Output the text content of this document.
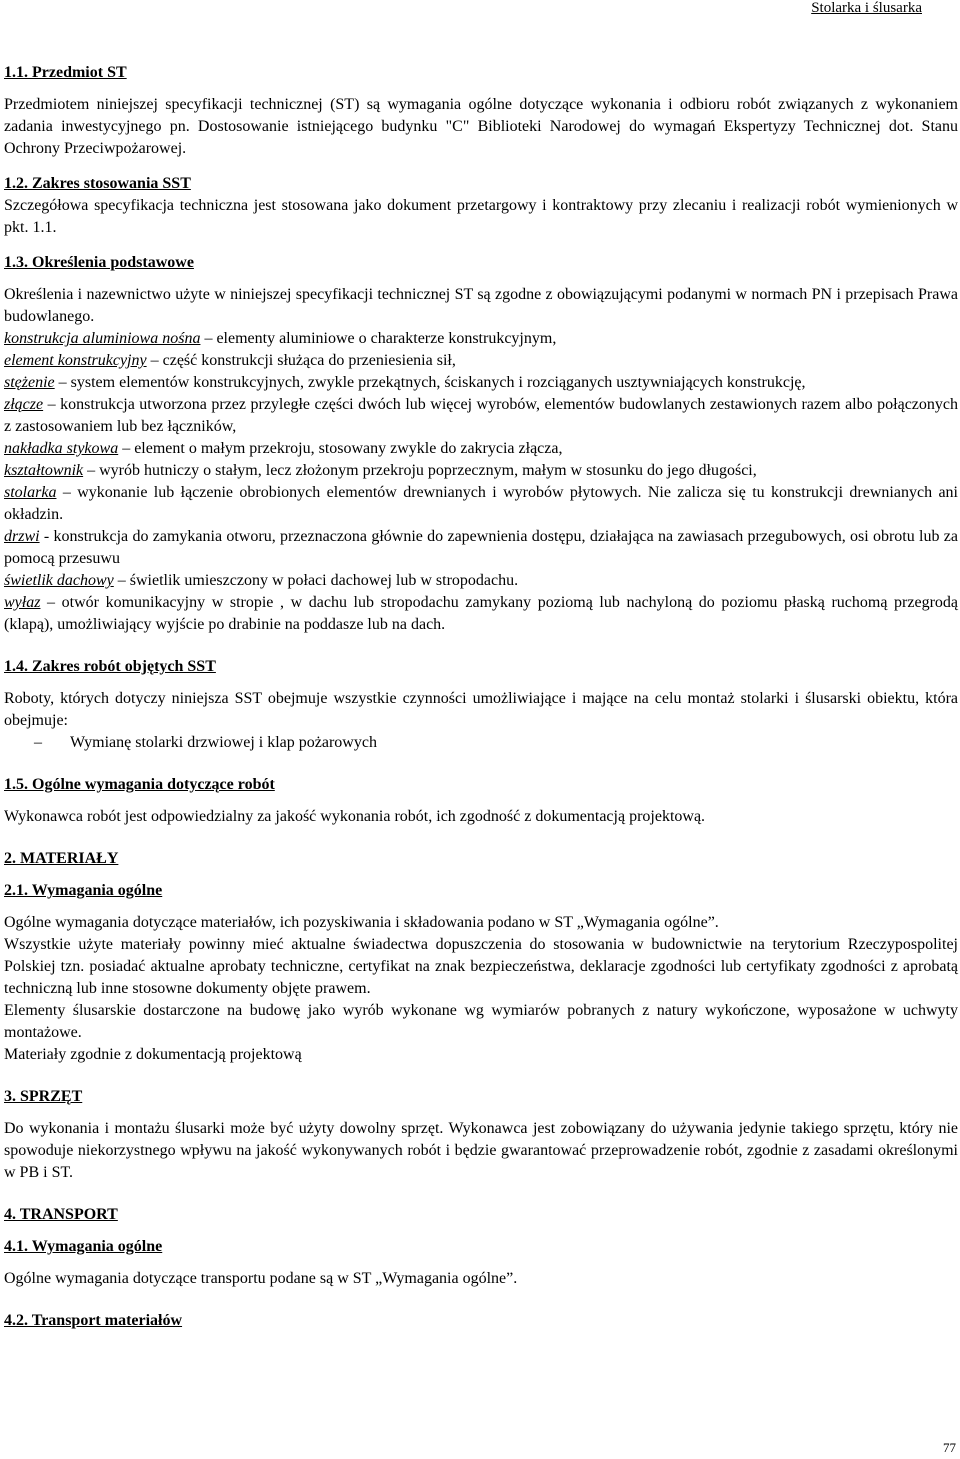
Stolarka i ślusarka

1.1. Przedmiot ST

Przedmiotem niniejszej specyfikacji technicznej (ST) są wymagania ogólne dotyczące wykonania i odbioru robót związanych z wykonaniem zadania inwestycyjnego pn. Dostosowanie istniejącego budynku "C" Biblioteki Narodowej do wymagań Ekspertyzy Technicznej dot. Stanu Ochrony Przeciwpożarowej.

1.2. Zakres stosowania SST

Szczegółowa specyfikacja techniczna jest stosowana jako dokument przetargowy i kontraktowy przy zlecaniu i realizacji robót wymienionych w pkt. 1.1.

1.3. Określenia podstawowe

Określenia i nazewnictwo użyte w niniejszej specyfikacji technicznej ST są zgodne z obowiązującymi podanymi w normach PN i przepisach Prawa budowlanego.

konstrukcja aluminiowa nośna – elementy aluminiowe o charakterze konstrukcyjnym,

element konstrukcyjny – część konstrukcji służąca do przeniesienia sił,

stężenie – system elementów konstrukcyjnych, zwykle przekątnych, ściskanych i rozciąganych usztywniających konstrukcję,

złącze – konstrukcja utworzona przez przyległe części dwóch lub więcej wyrobów, elementów budowlanych zestawionych razem albo połączonych z zastosowaniem lub bez łączników,

nakładka stykowa – element o małym przekroju, stosowany zwykle do zakrycia złącza,

kształtownik – wyrób hutniczy o stałym, lecz złożonym przekroju poprzecznym, małym w stosunku do jego długości,

stolarka – wykonanie lub łączenie obrobionych elementów drewnianych i wyrobów płytowych. Nie zalicza się tu konstrukcji drewnianych ani okładzin.

drzwi - konstrukcja do zamykania otworu, przeznaczona głównie do zapewnienia dostępu, działająca na zawiasach przegubowych, osi obrotu lub za pomocą przesuwu

świetlik dachowy – świetlik umieszczony w połaci dachowej lub w stropodachu.

wyłaz – otwór komunikacyjny w stropie , w dachu lub stropodachu zamykany poziomą lub nachyloną do poziomu płaską ruchomą przegrodą (klapą), umożliwiający wyjście po drabinie na poddasze lub na dach.

1.4. Zakres robót objętych SST

Roboty, których dotyczy niniejsza SST obejmuje wszystkie czynności umożliwiające i mające na celu montaż stolarki i ślusarski obiektu, która obejmuje:

–	Wymianę stolarki drzwiowej i klap pożarowych

1.5. Ogólne wymagania dotyczące robót

Wykonawca robót jest odpowiedzialny za jakość wykonania robót, ich zgodność z dokumentacją projektową.

2. MATERIAŁY

2.1. Wymagania ogólne

Ogólne wymagania dotyczące materiałów, ich pozyskiwania i składowania podano w ST „Wymagania ogólne”.

Wszystkie użyte materiały powinny mieć aktualne świadectwa dopuszczenia do stosowania w budownictwie na terytorium Rzeczypospolitej Polskiej tzn. posiadać aktualne aprobaty techniczne, certyfikat na znak bezpieczeństwa, deklaracje zgodności lub certyfikaty zgodności z aprobatą techniczną lub inne stosowne dokumenty objęte prawem.

Elementy ślusarskie dostarczone na budowę jako wyrób wykonane wg wymiarów pobranych z natury wykończone, wyposażone w uchwyty montażowe.

Materiały zgodnie z dokumentacją projektową

3. SPRZĘT

Do wykonania i montażu ślusarki może być użyty dowolny sprzęt. Wykonawca jest zobowiązany do używania jedynie takiego sprzętu, który nie spowoduje niekorzystnego wpływu na jakość wykonywanych robót i będzie gwarantować przeprowadzenie robót, zgodnie z zasadami określonymi w PB i ST.

4. TRANSPORT

4.1. Wymagania ogólne

Ogólne wymagania dotyczące transportu podane są w ST „Wymagania ogólne”.

4.2. Transport materiałów

77
